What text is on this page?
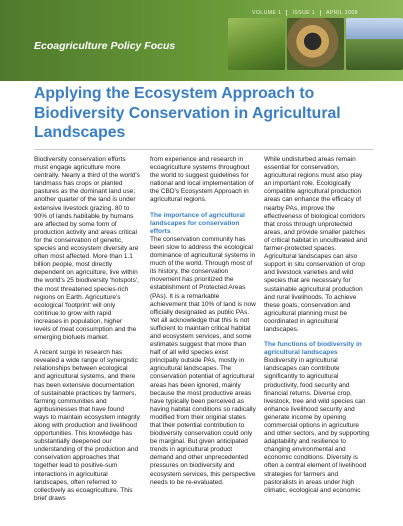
VOLUME 1	ISSUE 1	APRIL 2008
Ecoagriculture Policy Focus
Applying the Ecosystem Approach to Biodiversity Conservation in Agricultural Landscapes

Biodiversity conservation efforts must engage agriculture more centrally. Nearly a third of the world's landmass has crops or planted pastures as the dominant land use; another quarter of the land is under extensive livestock grazing. 80 to 90% of lands habitable by humans are affected by some form of production activity and areas critical for the conservation of genetic, species and ecosystem diversity are often most affected. More than 1.1 billion people, most directly dependent on agriculture, live within the world's 25 biodiversity 'hotspots', the most threatened species-rich regions on Earth. Agriculture's ecological 'footprint' will only continue to grow with rapid increases in population, higher levels of meat consumption and the emerging biofuels market.

A recent surge in research has revealed a wide range of synergistic relationships between ecological and agricultural systems, and there has been extensive documentation of sustainable practices by farmers, farming communities and agribusinesses that have found ways to maintain ecosystem integrity along with production and livelihood opportunities. This knowledge has substantially deepened our understanding of the production and conservation approaches that together lead to positive-sum interactions in agricultural landscapes, often referred to collectively as ecoagriculture. This brief draws

from experience and research in ecoagriculture systems throughout the world to suggest guidelines for national and local implementation of the CBD's Ecosystem Approach in agricultural regions.

The importance of agricultural landscapes for conservation efforts

The conservation community has been slow to address the ecological dominance of agricultural systems in much of the world. Through most of its history, the conservation movement has prioritized the establishment of Protected Areas (PAs). It is a remarkable achievement that 10% of land is now officially designated as public PAs. Yet all acknowledge that this is not sufficient to maintain critical habitat and ecosystem services, and some estimates suggest that more than half of all wild species exist principally outside PAs, mostly in agricultural landscapes. The conservation potential of agricultural areas has been ignored, mainly because the most productive areas have typically been perceived as having habitat conditions so radically modified from their original states that their potential contribution to biodiversity conservation could only be marginal. But given anticipated trends in agricultural product demand and other unprecedented pressures on biodiversity and ecosystem services, this perspective needs to be re-evaluated.

While undisturbed areas remain essential for conservation, agricultural regions must also play an important role. Ecologically compatible agricultural production areas can enhance the efficacy of nearby PAs, improve the effectiveness of biological corridors that cross through unprotected areas, and provide smaller patches of critical habitat in uncultivated and farmer-protected spaces. Agricultural landscapes can also support in situ conservation of crop and livestock varieties and wild species that are necessary for sustainable agricultural production and rural livelihoods. To achieve these goals, conservation and agricultural planning must be coordinated in agricultural landscapes.

The functions of biodiversity in agricultural landscapes

Biodiversity in agricultural landscapes can contribute significantly to agricultural productivity, food security and financial returns. Diverse crop, livestock, tree and wild species can enhance livelihood security and generate income by opening commercial options in agriculture and other sectors, and by supporting adaptability and resilience to changing environmental and economic conditions. Diversity is often a central element of livelihood strategies for farmers and pastoralists in areas under high climatic, ecological and economic
